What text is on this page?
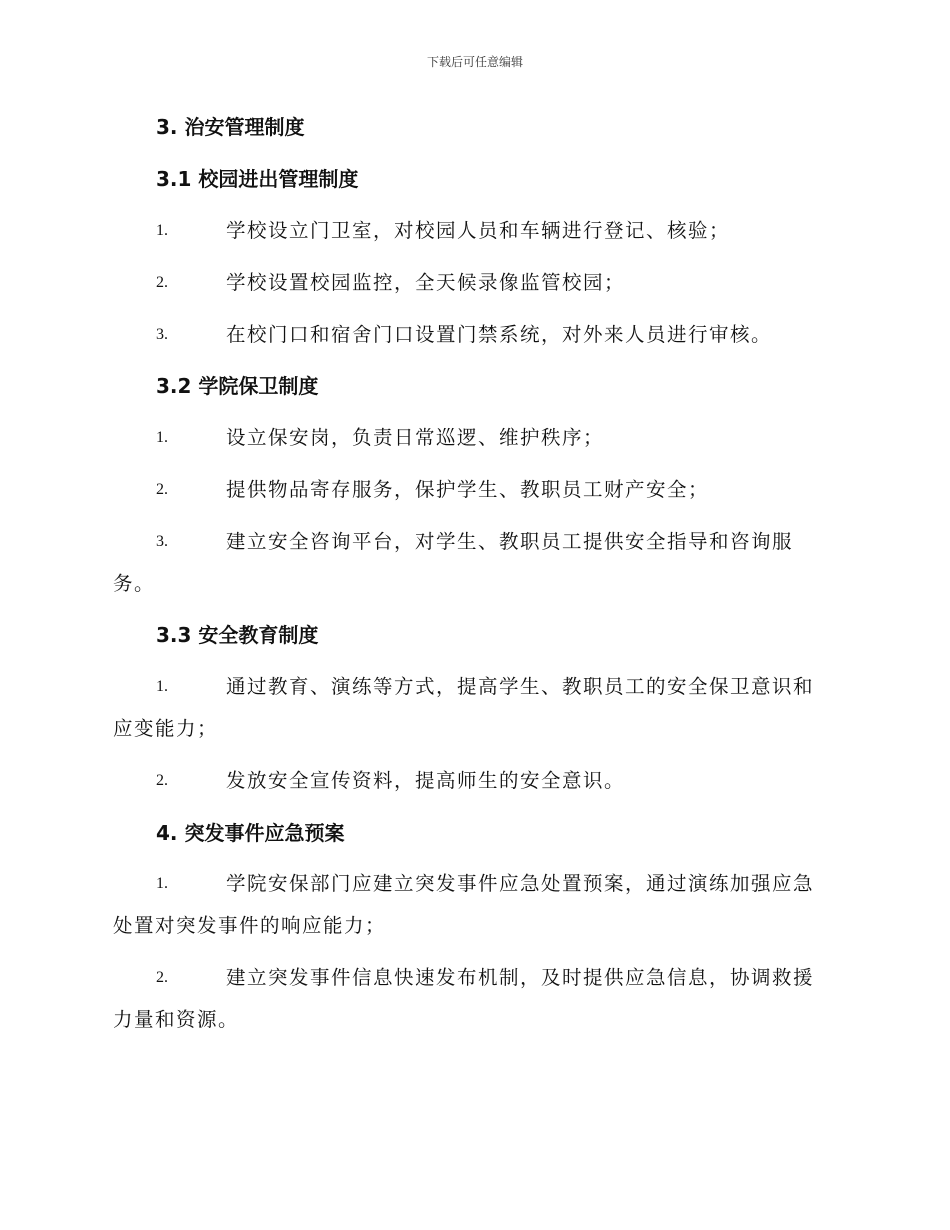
下载后可任意编辑
3. 治安管理制度
3.1 校园进出管理制度
1.	学校设立门卫室，对校园人员和车辆进行登记、核验；
2.	学校设置校园监控，全天候录像监管校园；
3.	在校门口和宿舍门口设置门禁系统，对外来人员进行审核。
3.2 学院保卫制度
1.	设立保安岗，负责日常巡逻、维护秩序；
2.	提供物品寄存服务，保护学生、教职员工财产安全；
3.	建立安全咨询平台，对学生、教职员工提供安全指导和咨询服
务。
3.3 安全教育制度
1.	通过教育、演练等方式，提高学生、教职员工的安全保卫意识和
应变能力；
2.	发放安全宣传资料，提高师生的安全意识。
4. 突发事件应急预案
1.	学院安保部门应建立突发事件应急处置预案，通过演练加强应急
处置对突发事件的响应能力；
2.	建立突发事件信息快速发布机制，及时提供应急信息，协调救援
力量和资源。
